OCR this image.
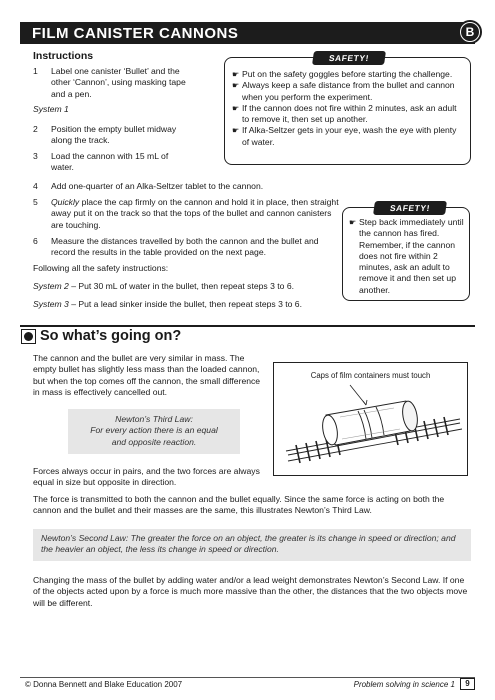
FILM CANISTER CANNONS	B
Instructions
1	Label one canister ‘Bullet’ and the other ‘Cannon’, using masking tape and a pen.
System 1
2	Position the empty bullet midway along the track.
3	Load the cannon with 15 mL of water.
4	Add one-quarter of an Alka-Seltzer tablet to the cannon.
5	Quickly place the cap firmly on the cannon and hold it in place, then straight away put it on the track so that the tops of the bullet and cannon canisters are touching.
6	Measure the distances travelled by both the cannon and the bullet and record the results in the table provided on the next page.
Following all the safety instructions:
System 2 – Put 30 mL of water in the bullet, then repeat steps 3 to 6.
System 3 – Put a lead sinker inside the bullet, then repeat steps 3 to 6.
SAFETY!
☛ Put on the safety goggles before starting the challenge.
☛ Always keep a safe distance from the bullet and cannon when you perform the experiment.
☛ If the cannon does not fire within 2 minutes, ask an adult to remove it, then set up another.
☛ If Alka-Seltzer gets in your eye, wash the eye with plenty of water.
SAFETY!
☛ Step back immediately until the cannon has fired. Remember, if the cannon does not fire within 2 minutes, ask an adult to remove it and then set up another.
So what’s going on?
The cannon and the bullet are very similar in mass. The empty bullet has slightly less mass than the loaded cannon, but when the top comes off the cannon, the small difference in mass is effectively cancelled out.
Newton’s Third Law:
For every action there is an equal and opposite reaction.
Forces always occur in pairs, and the two forces are always equal in size but opposite in direction.
The force is transmitted to both the cannon and the bullet equally. Since the same force is acting on both the cannon and the bullet and their masses are the same, this illustrates Newton’s Third Law.
Newton’s Second Law: The greater the force on an object, the greater is its change in speed or direction; and the heavier an object, the less its change in speed or direction.
Changing the mass of the bullet by adding water and/or a lead weight demonstrates Newton’s Second Law. If one of the objects acted upon by a force is much more massive than the other, the distances that the two objects move will be different.
Caps of film containers must touch
© Donna Bennett and Blake Education 2007	Problem solving in science 1	9
